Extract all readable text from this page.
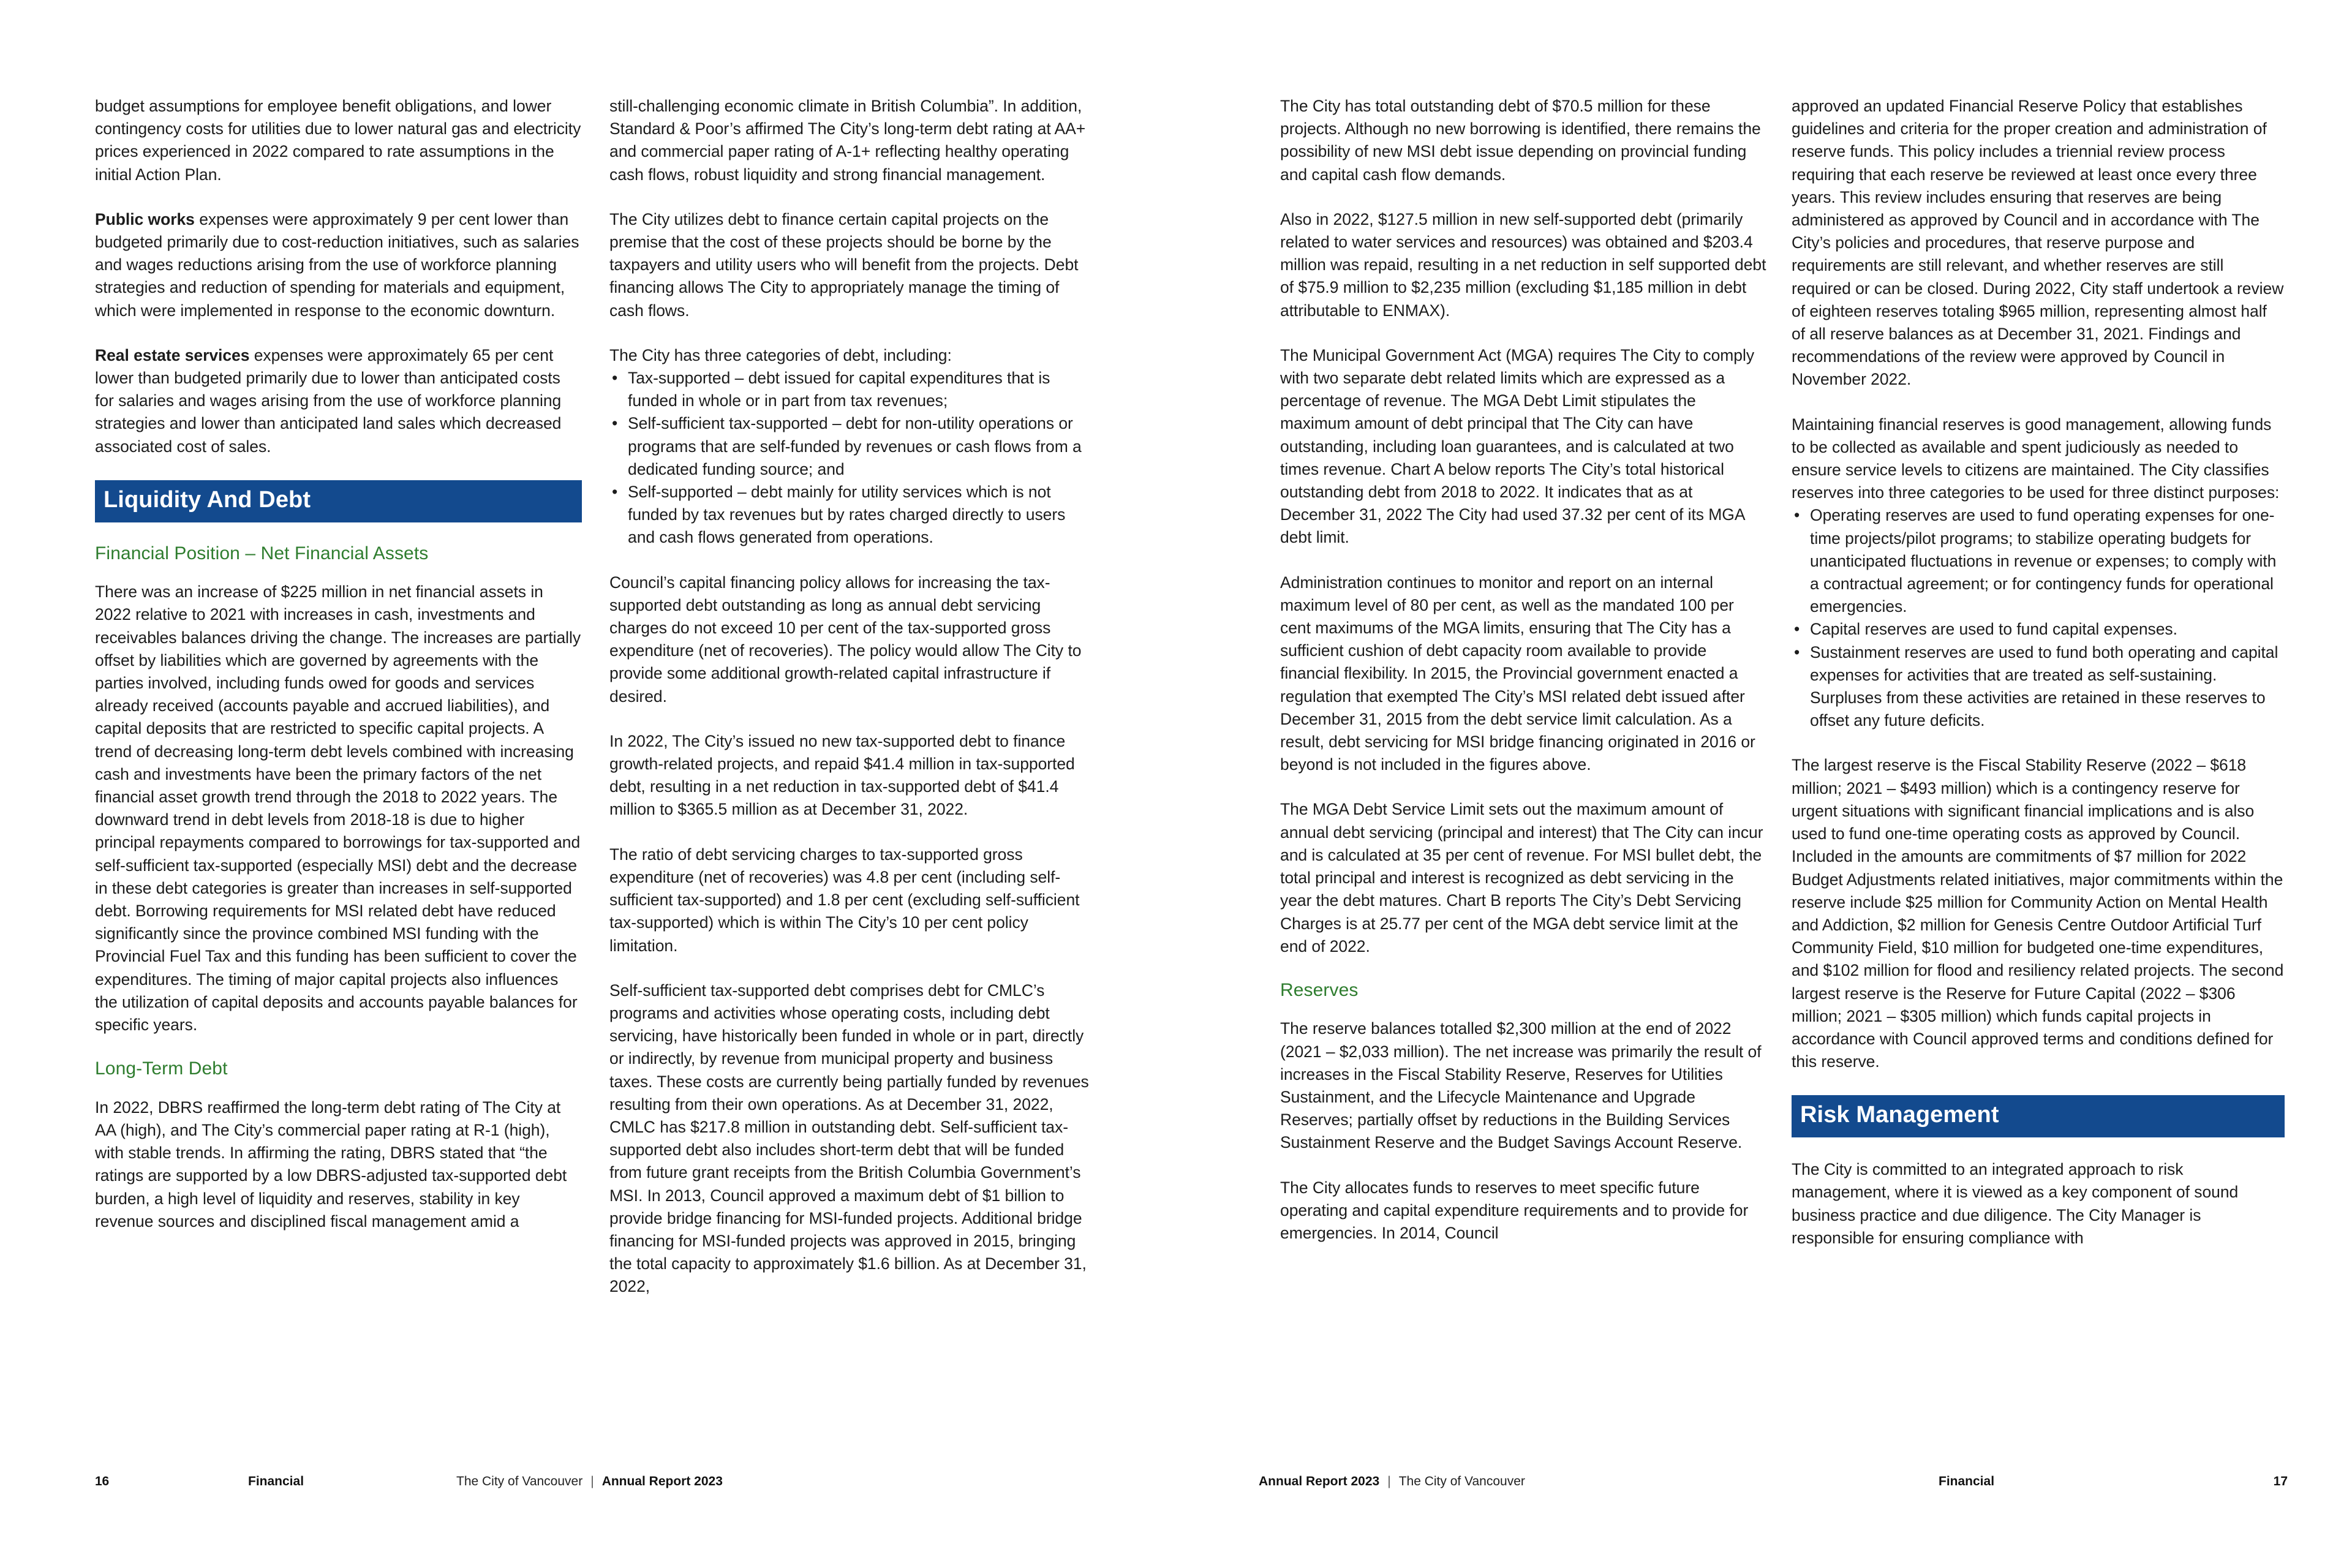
budget assumptions for employee benefit obligations, and lower contingency costs for utilities due to lower natural gas and electricity prices experienced in 2022 compared to rate assumptions in the initial Action Plan.

Public works expenses were approximately 9 per cent lower than budgeted primarily due to cost-reduction initiatives, such as salaries and wages reductions arising from the use of workforce planning strategies and reduction of spending for materials and equipment, which were implemented in response to the economic downturn.

Real estate services expenses were approximately 65 per cent lower than budgeted primarily due to lower than anticipated costs for salaries and wages arising from the use of workforce planning strategies and lower than anticipated land sales which decreased associated cost of sales.

Liquidity And Debt
Financial Position – Net Financial Assets

There was an increase of $225 million in net financial assets in 2022 relative to 2021 with increases in cash, investments and receivables balances driving the change. The increases are partially offset by liabilities which are governed by agreements with the parties involved, including funds owed for goods and services already received (accounts payable and accrued liabilities), and capital deposits that are restricted to specific capital projects. A trend of decreasing long-term debt levels combined with increasing cash and investments have been the primary factors of the net financial asset growth trend through the 2018 to 2022 years. The downward trend in debt levels from 2018-18 is due to higher principal repayments compared to borrowings for tax-supported and self-sufficient tax-supported (especially MSI) debt and the decrease in these debt categories is greater than increases in self-supported debt. Borrowing requirements for MSI related debt have reduced significantly since the province combined MSI funding with the Provincial Fuel Tax and this funding has been sufficient to cover the expenditures. The timing of major capital projects also influences the utilization of capital deposits and accounts payable balances for specific years.

Long-Term Debt

In 2022, DBRS reaffirmed the long-term debt rating of The City at AA (high), and The City’s commercial paper rating at R-1 (high), with stable trends. In affirming the rating, DBRS stated that “the ratings are supported by a low DBRS-adjusted tax-supported debt burden, a high level of liquidity and reserves, stability in key revenue sources and disciplined fiscal management amid a

still-challenging economic climate in British Columbia”. In addition, Standard & Poor’s affirmed The City’s long-term debt rating at AA+ and commercial paper rating of A-1+ reflecting healthy operating cash flows, robust liquidity and strong financial management.

The City utilizes debt to finance certain capital projects on the premise that the cost of these projects should be borne by the taxpayers and utility users who will benefit from the projects. Debt financing allows The City to appropriately manage the timing of cash flows.

The City has three categories of debt, including:

• Tax-supported – debt issued for capital expenditures that is funded in whole or in part from tax revenues;
• Self-sufficient tax-supported – debt for non-utility operations or programs that are self-funded by revenues or cash flows from a dedicated funding source; and
• Self-supported – debt mainly for utility services which is not funded by tax revenues but by rates charged directly to users and cash flows generated from operations.

Council’s capital financing policy allows for increasing the tax-supported debt outstanding as long as annual debt servicing charges do not exceed 10 per cent of the tax-supported gross expenditure (net of recoveries). The policy would allow The City to provide some additional growth-related capital infrastructure if desired.

In 2022, The City’s issued no new tax-supported debt to finance growth-related projects, and repaid $41.4 million in tax-supported debt, resulting in a net reduction in tax-supported debt of $41.4 million to $365.5 million as at December 31, 2022.

The ratio of debt servicing charges to tax-supported gross expenditure (net of recoveries) was 4.8 per cent (including self-sufficient tax-supported) and 1.8 per cent (excluding self-sufficient tax-supported) which is within The City’s 10 per cent policy limitation.

Self-sufficient tax-supported debt comprises debt for CMLC’s programs and activities whose operating costs, including debt servicing, have historically been funded in whole or in part, directly or indirectly, by revenue from municipal property and business taxes. These costs are currently being partially funded by revenues resulting from their own operations. As at December 31, 2022, CMLC has $217.8 million in outstanding debt. Self-sufficient tax-supported debt also includes short-term debt that will be funded from future grant receipts from the British Columbia Government’s MSI. In 2013, Council approved a maximum debt of $1 billion to provide bridge financing for MSI-funded projects. Additional bridge financing for MSI-funded projects was approved in 2015, bringing the total capacity to approximately $1.6 billion. As at December 31, 2022,

The City has total outstanding debt of $70.5 million for these projects. Although no new borrowing is identified, there remains the possibility of new MSI debt issue depending on provincial funding and capital cash flow demands.

Also in 2022, $127.5 million in new self-supported debt (primarily related to water services and resources) was obtained and $203.4 million was repaid, resulting in a net reduction in self supported debt of $75.9 million to $2,235 million (excluding $1,185 million in debt attributable to ENMAX).

The Municipal Government Act (MGA) requires The City to comply with two separate debt related limits which are expressed as a percentage of revenue. The MGA Debt Limit stipulates the maximum amount of debt principal that The City can have outstanding, including loan guarantees, and is calculated at two times revenue. Chart A below reports The City’s total historical outstanding debt from 2018 to 2022. It indicates that as at December 31, 2022 The City had used 37.32 per cent of its MGA debt limit.

Administration continues to monitor and report on an internal maximum level of 80 per cent, as well as the mandated 100 per cent maximums of the MGA limits, ensuring that The City has a sufficient cushion of debt capacity room available to provide financial flexibility. In 2015, the Provincial government enacted a regulation that exempted The City’s MSI related debt issued after December 31, 2015 from the debt service limit calculation. As a result, debt servicing for MSI bridge financing originated in 2016 or beyond is not included in the figures above.

The MGA Debt Service Limit sets out the maximum amount of annual debt servicing (principal and interest) that The City can incur and is calculated at 35 per cent of revenue. For MSI bullet debt, the total principal and interest is recognized as debt servicing in the year the debt matures. Chart B reports The City’s Debt Servicing Charges is at 25.77 per cent of the MGA debt service limit at the end of 2022.

Reserves

The reserve balances totalled $2,300 million at the end of 2022 (2021 – $2,033 million). The net increase was primarily the result of increases in the Fiscal Stability Reserve, Reserves for Utilities Sustainment, and the Lifecycle Maintenance and Upgrade Reserves; partially offset by reductions in the Building Services Sustainment Reserve and the Budget Savings Account Reserve.

The City allocates funds to reserves to meet specific future operating and capital expenditure requirements and to provide for emergencies. In 2014, Council

approved an updated Financial Reserve Policy that establishes guidelines and criteria for the proper creation and administration of reserve funds. This policy includes a triennial review process requiring that each reserve be reviewed at least once every three years. This review includes ensuring that reserves are being administered as approved by Council and in accordance with The City’s policies and procedures, that reserve purpose and requirements are still relevant, and whether reserves are still required or can be closed. During 2022, City staff undertook a review of eighteen reserves totaling $965 million, representing almost half of all reserve balances as at December 31, 2021. Findings and recommendations of the review were approved by Council in November 2022.

Maintaining financial reserves is good management, allowing funds to be collected as available and spent judiciously as needed to ensure service levels to citizens are maintained. The City classifies reserves into three categories to be used for three distinct purposes:

• Operating reserves are used to fund operating expenses for one-time projects/pilot programs; to stabilize operating budgets for unanticipated fluctuations in revenue or expenses; to comply with a contractual agreement; or for contingency funds for operational emergencies.
• Capital reserves are used to fund capital expenses.
• Sustainment reserves are used to fund both operating and capital expenses for activities that are treated as self-sustaining. Surpluses from these activities are retained in these reserves to offset any future deficits.

The largest reserve is the Fiscal Stability Reserve (2022 – $618 million; 2021 – $493 million) which is a contingency reserve for urgent situations with significant financial implications and is also used to fund one-time operating costs as approved by Council. Included in the amounts are commitments of $7 million for 2022 Budget Adjustments related initiatives, major commitments within the reserve include $25 million for Community Action on Mental Health and Addiction, $2 million for Genesis Centre Outdoor Artificial Turf Community Field, $10 million for budgeted one-time expenditures, and $102 million for flood and resiliency related projects. The second largest reserve is the Reserve for Future Capital (2022 – $306 million; 2021 – $305 million) which funds capital projects in accordance with Council approved terms and conditions defined for this reserve.

Risk Management

The City is committed to an integrated approach to risk management, where it is viewed as a key component of sound business practice and due diligence. The City Manager is responsible for ensuring compliance with

16	Financial	The City of Vancouver | Annual Report 2023	Annual Report 2023 | The City of Vancouver	Financial	17
